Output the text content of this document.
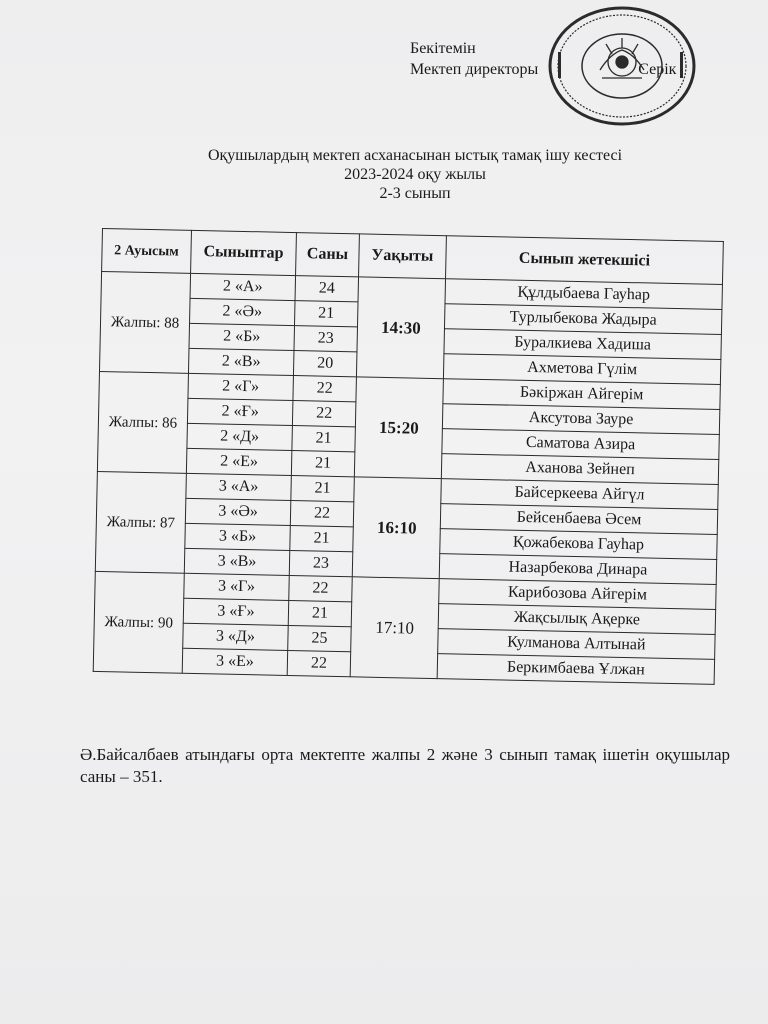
Бекітемін
Мектеп директоры	Серік
Оқушылардың мектеп асханасынан ыстық тамақ ішу кестесі
2023-2024 оқу жылы
2-3 сынып
2 Ауысым	Сыныптар	Саны	Уақыты	Сынып жетекшісі
Жалпы: 88	2 «А»	24	14:30	Құлдыбаева Гауһар
	2 «Ә»	21		Турлыбекова Жадыра
	2 «Б»	23		Буралкиева Хадиша
	2 «В»	20		Ахметова Гүлім
Жалпы: 86	2 «Г»	22	15:20	Бәкіржан Айгерім
	2 «Ғ»	22		Аксутова Зауре
	2 «Д»	21		Саматова Азира
	2 «Е»	21		Аханова Зейнеп
Жалпы: 87	3 «А»	21	16:10	Байсеркеева Айгүл
	3 «Ә»	22		Бейсенбаева Әсем
	3 «Б»	21		Қожабекова Гауһар
	3 «В»	23		Назарбекова Динара
Жалпы: 90	3 «Г»	22	17:10	Карибозова Айгерім
	3 «Ғ»	21		Жақсылық Ақерке
	3 «Д»	25		Кулманова Алтынай
	3 «Е»	22		Беркимбаева Ұлжан
Ә.Байсалбаев атындағы орта мектепте жалпы 2 және 3 сынып тамақ ішетін оқушылар саны – 351.
